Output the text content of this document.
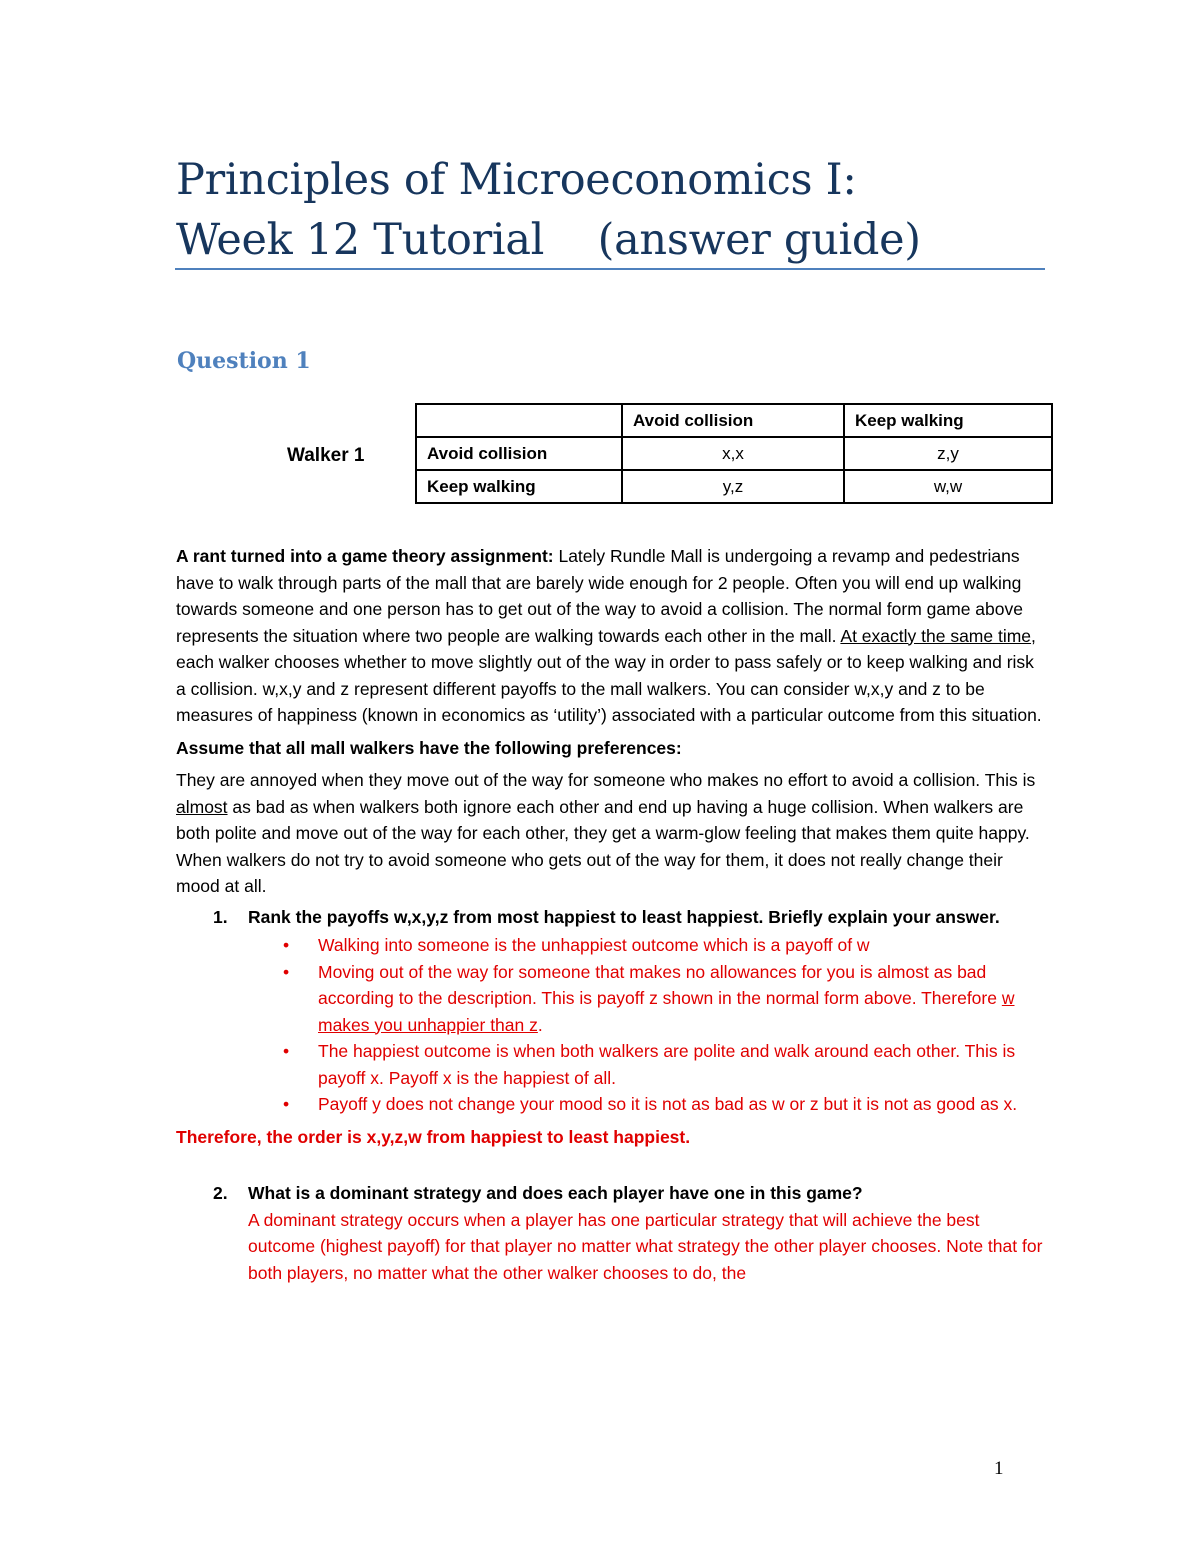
Principles of Microeconomics I:
Week 12 Tutorial    (answer guide)
Question 1
Walker 1
	Avoid collision	Keep walking
Avoid collision	x,x	z,y
Keep walking	y,z	w,w

A rant turned into a game theory assignment: Lately Rundle Mall is undergoing a revamp and pedestrians have to walk through parts of the mall that are barely wide enough for 2 people. Often you will end up walking towards someone and one person has to get out of the way to avoid a collision. The normal form game above represents the situation where two people are walking towards each other in the mall. At exactly the same time, each walker chooses whether to move slightly out of the way in order to pass safely or to keep walking and risk a collision. w,x,y and z represent different payoffs to the mall walkers. You can consider w,x,y and z to be measures of happiness (known in economics as ‘utility’) associated with a particular outcome from this situation.

Assume that all mall walkers have the following preferences:

They are annoyed when they move out of the way for someone who makes no effort to avoid a collision. This is almost as bad as when walkers both ignore each other and end up having a huge collision. When walkers are both polite and move out of the way for each other, they get a warm-glow feeling that makes them quite happy. When walkers do not try to avoid someone who gets out of the way for them, it does not really change their mood at all.

1. Rank the payoffs w,x,y,z from most happiest to least happiest. Briefly explain your answer.

• Walking into someone is the unhappiest outcome which is a payoff of w
• Moving out of the way for someone that makes no allowances for you is almost as bad according to the description. This is payoff z shown in the normal form above. Therefore w makes you unhappier than z.
• The happiest outcome is when both walkers are polite and walk around each other. This is payoff x. Payoff x is the happiest of all.
• Payoff y does not change your mood so it is not as bad as w or z but it is not as good as x.

Therefore, the order is x,y,z,w from happiest to least happiest.

2. What is a dominant strategy and does each player have one in this game?

A dominant strategy occurs when a player has one particular strategy that will achieve the best outcome (highest payoff) for that player no matter what strategy the other player chooses. Note that for both players, no matter what the other walker chooses to do, the

1
